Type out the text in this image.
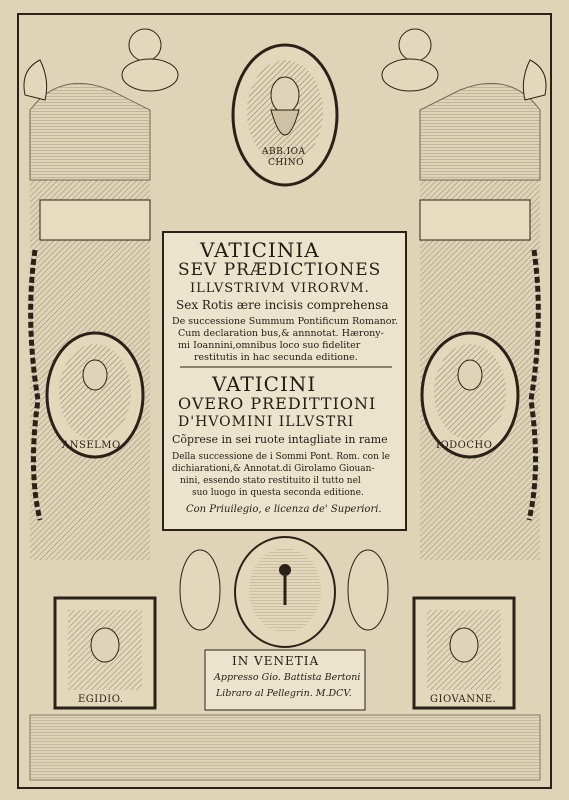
ABB.IOA
CHINO
VATICINIA
SEV PRÆDICTIONES
ILLVSTRIVM VIRORVM.
Sex Rotis ære incisis comprehensa
De successione Summum Pontificum Romanor.
Cum declaration bus,& annnotat. Hærony-
mi Ioannini,omnibus loco suo fideliter
restitutis in hac secunda editione.
VATICINI
OVERO PREDITTIONI
D'HVOMINI ILLVSTRI
Cõprese in sei ruote intagliate in rame
Della successione de i Sommi Pont. Rom. con le
dichiarationi,& Annotat.di Girolamo Giouan-
nini, essendo stato restituito il tutto nel
suo luogo in questa seconda editione.
Con Priuilegio, e licenza de' Superiori.
ANSELMO	IODOCHO
EGIDIO.	GIOVANNE.
IN VENETIA
Appresso Gio. Battista Bertoni
Libraro al Pellegrin. M.DCV.
